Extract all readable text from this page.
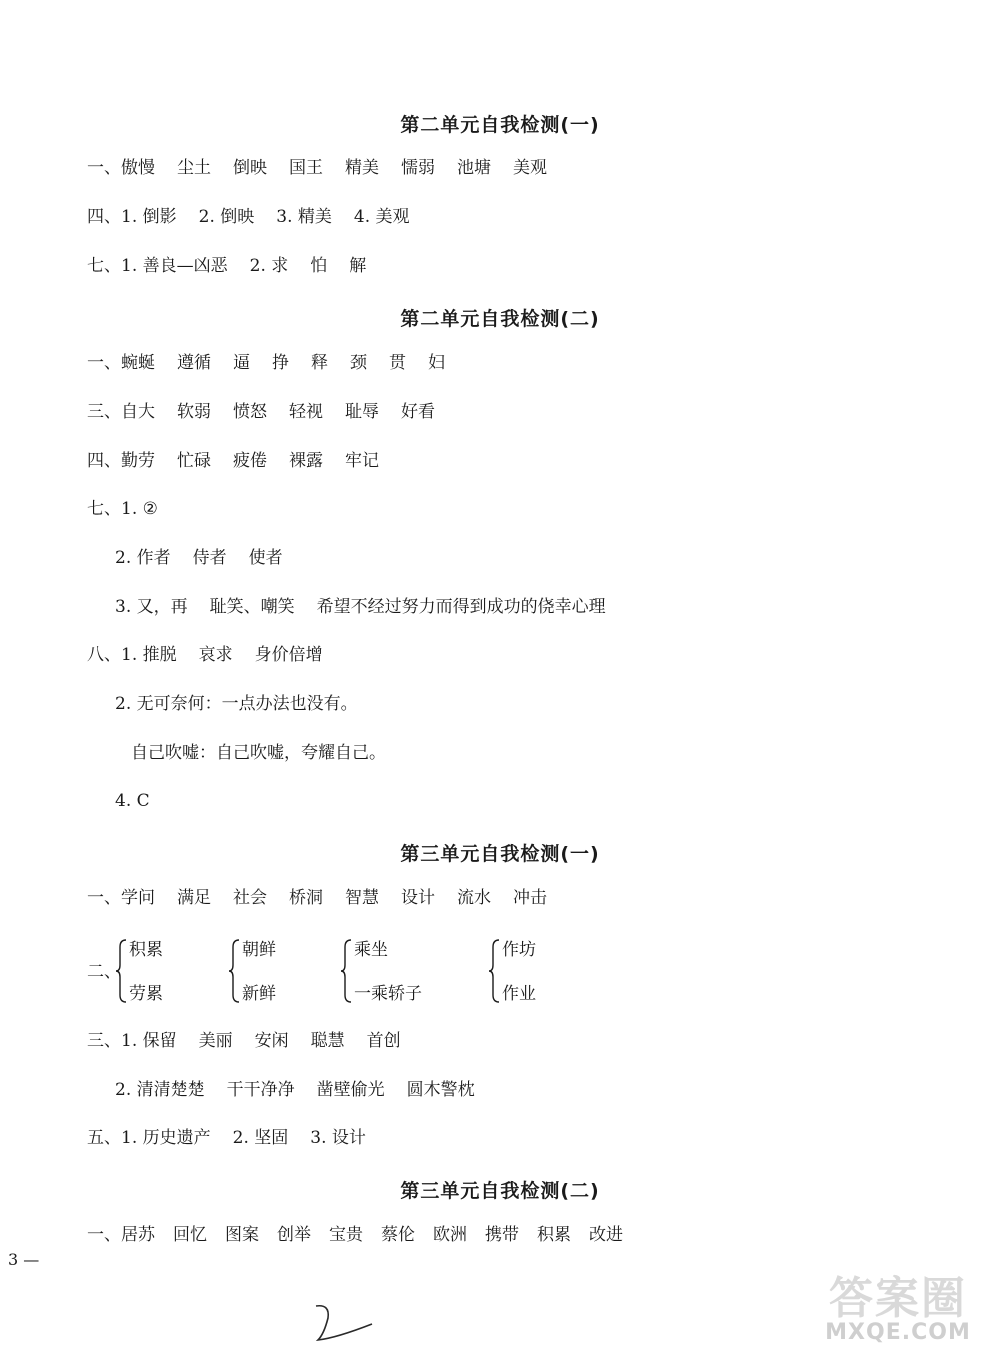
第二单元自我检测(一)
一、傲慢 尘土 倒映 国王 精美 懦弱 池塘 美观
四、1. 倒影 2. 倒映 3. 精美 4. 美观
七、1. 善良—凶恶 2. 求 怕 解
第二单元自我检测(二)
一、蜿蜒 遵循 逼 挣 释 颈 贯 妇
三、自大 软弱 愤怒 轻视 耻辱 好看
四、勤劳 忙碌 疲倦 裸露 牢记
七、1. ②
2. 作者 侍者 使者
3. 又，再 耻笑、嘲笑 希望不经过努力而得到成功的侥幸心理
八、1. 推脱 哀求 身价倍增
2. 无可奈何：一点办法也没有。
自己吹嘘：自己吹嘘，夸耀自己。
4. C
第三单元自我检测(一)
一、学问 满足 社会 桥洞 智慧 设计 流水 冲击
二、
积累
劳累
朝鲜
新鲜
乘坐
一乘轿子
作坊
作业
三、1. 保留 美丽 安闲 聪慧 首创
2. 清清楚楚 干干净净 凿壁偷光 圆木警枕
五、1. 历史遗产 2. 坚固 3. 设计
第三单元自我检测(二)
一、居苏 回忆 图案 创举 宝贵 蔡伦 欧洲 携带 积累 改进
3 —
答案圈
MXQE.COM
